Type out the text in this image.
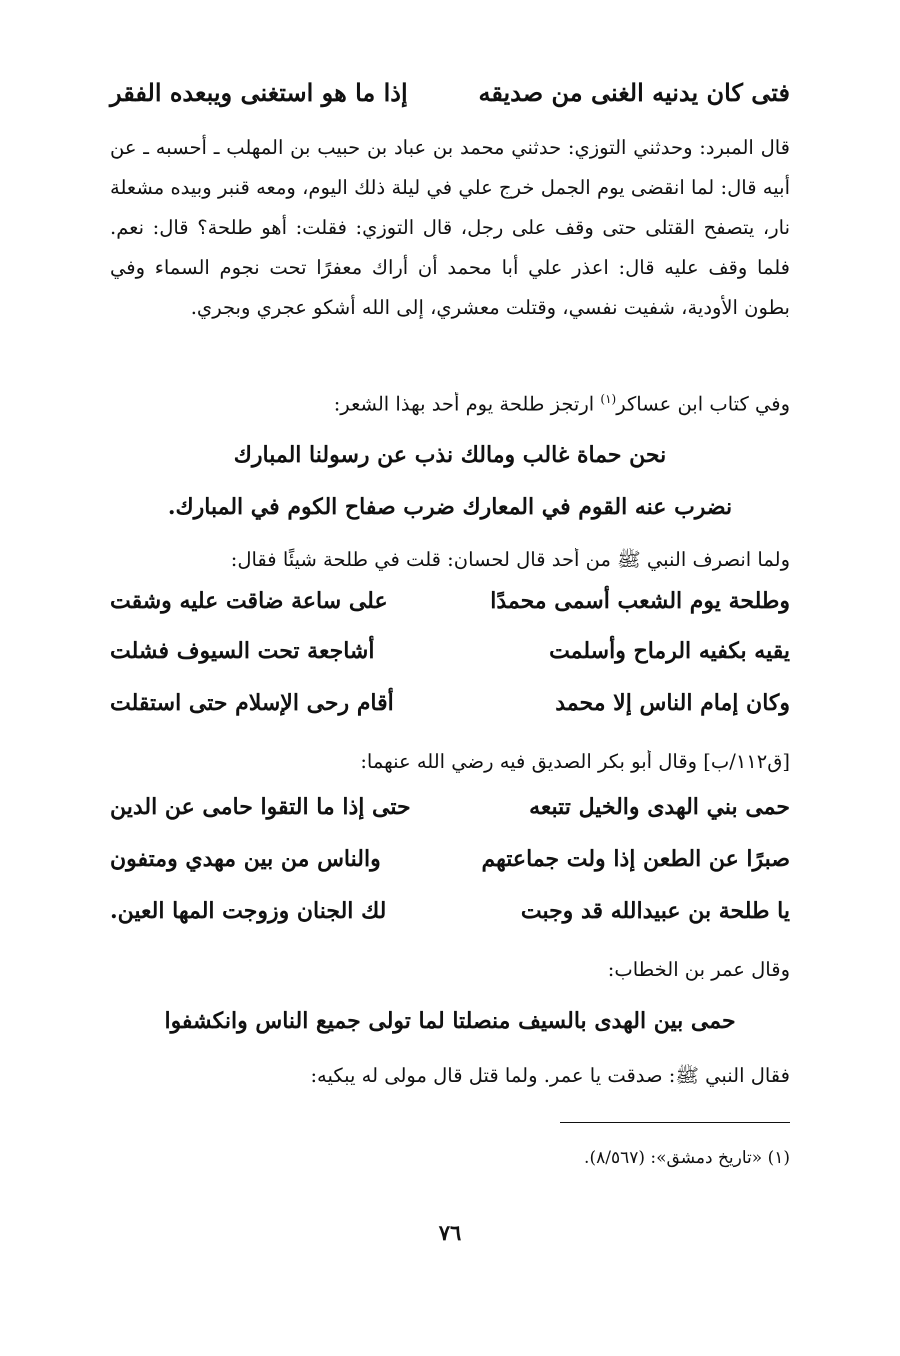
فتى كان يدنيه الغنى من صديقه
إذا ما هو استغنى ويبعده الفقر
قال المبرد: وحدثني التوزي: حدثني محمد بن عباد بن حبيب بن المهلب ـ أحسبه ـ عن أبيه قال: لما انقضى يوم الجمل خرج علي في ليلة ذلك اليوم، ومعه قنبر وبيده مشعلة نار، يتصفح القتلى حتى وقف على رجل، قال التوزي: فقلت: أهو طلحة؟ قال: نعم. فلما وقف عليه قال: اعذر علي أبا محمد أن أراك معفرًا تحت نجوم السماء وفي بطون الأودية، شفيت نفسي، وقتلت معشري، إلى الله أشكو عجري وبجري.
وفي كتاب ابن عساكر$^{(١)}$ ارتجز طلحة يوم أحد بهذا الشعر:
نحن حماة غالب ومالك نذب عن رسولنا المبارك
نضرب عنه القوم في المعارك ضرب صفاح الكوم في المبارك.
ولما انصرف النبي ﷺ من أحد قال لحسان: قلت في طلحة شيئًا فقال:
وطلحة يوم الشعب أسمى محمدًا
على ساعة ضاقت عليه وشقت
يقيه بكفيه الرماح وأسلمت
أشاجعة تحت السيوف فشلت
وكان إمام الناس إلا محمد
أقام رحى الإسلام حتى استقلت
[ق١١٢/ب] وقال أبو بكر الصديق فيه رضي الله عنهما:
حمى بني الهدى والخيل تتبعه
حتى إذا ما التقوا حامى عن الدين
صبرًا عن الطعن إذا ولت جماعتهم
والناس من بين مهدي ومتفون
يا طلحة بن عبيدالله قد وجبت
لك الجنان وزوجت المها العين.
وقال عمر بن الخطاب:
حمى بين الهدى بالسيف منصلتا لما تولى جميع الناس وانكشفوا
فقال النبي ﷺ: صدقت يا عمر. ولما قتل قال مولى له يبكيه:
(١) «تاريخ دمشق»: (٨/٥٦٧).
٧٦
